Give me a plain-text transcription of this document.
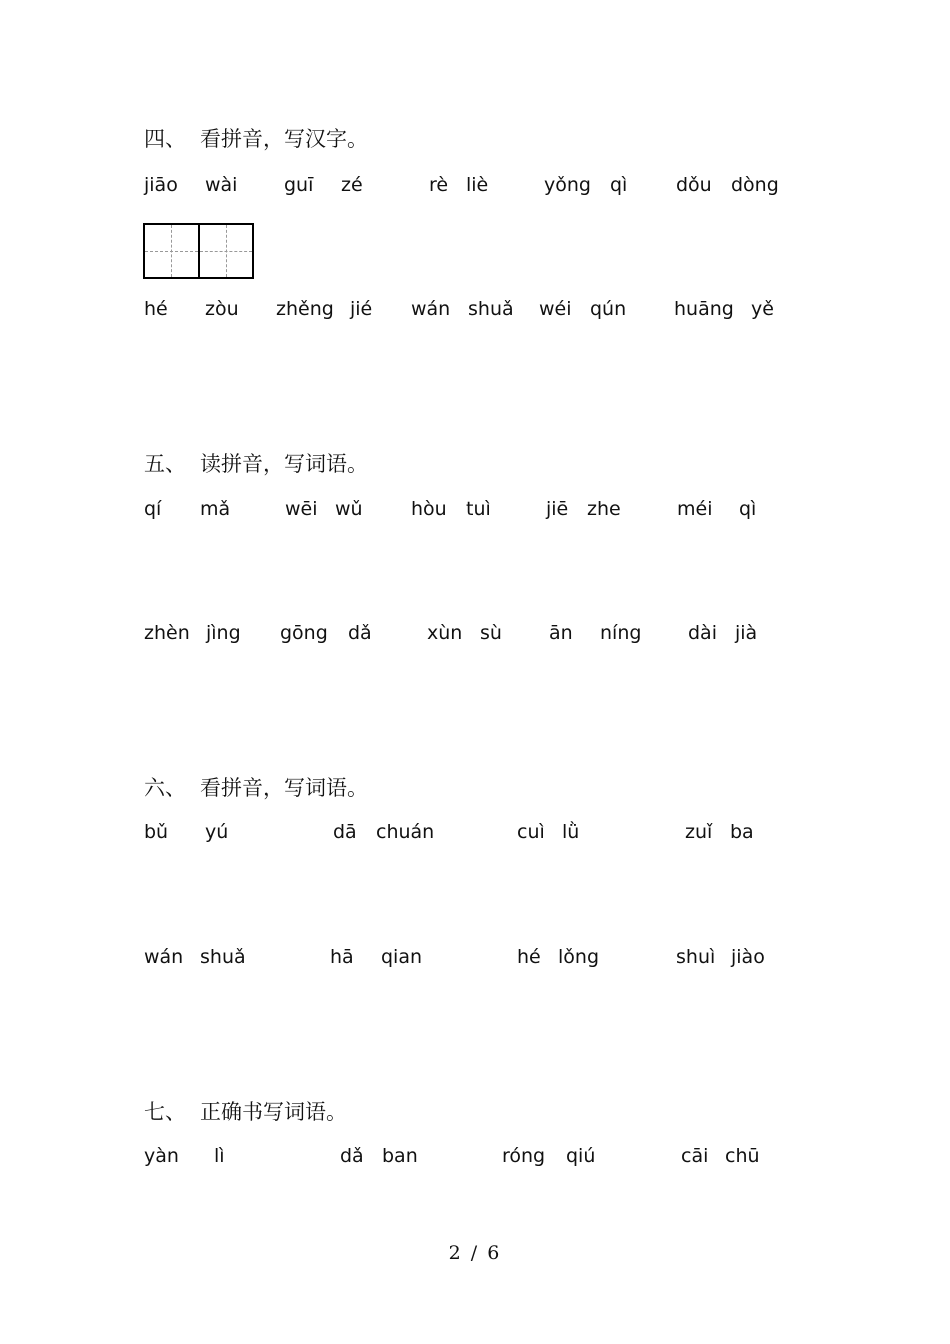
四、 看拼音，写汉字。
jiāo wài guī zé	rè liè	yǒng qì	dǒu dòng
hé zòu zhěng jié wán shuǎ wéi qún	huāng yě
五、 读拼音，写词语。
qí mǎ	wēi wǔ	hòu tuì	jiē zhe	méi qì
zhèn jìng gōng dǎ	xùn sù ān níng dài jià
六、 看拼音，写词语。
bǔ yú	dā chuán	cuì lǜ	zuǐ ba
wán shuǎ	hā qian	hé lǒng	shuì jiào
七、 正确书写词语。
yàn lì	dǎ ban	róng qiú	cāi chū
2 / 6
